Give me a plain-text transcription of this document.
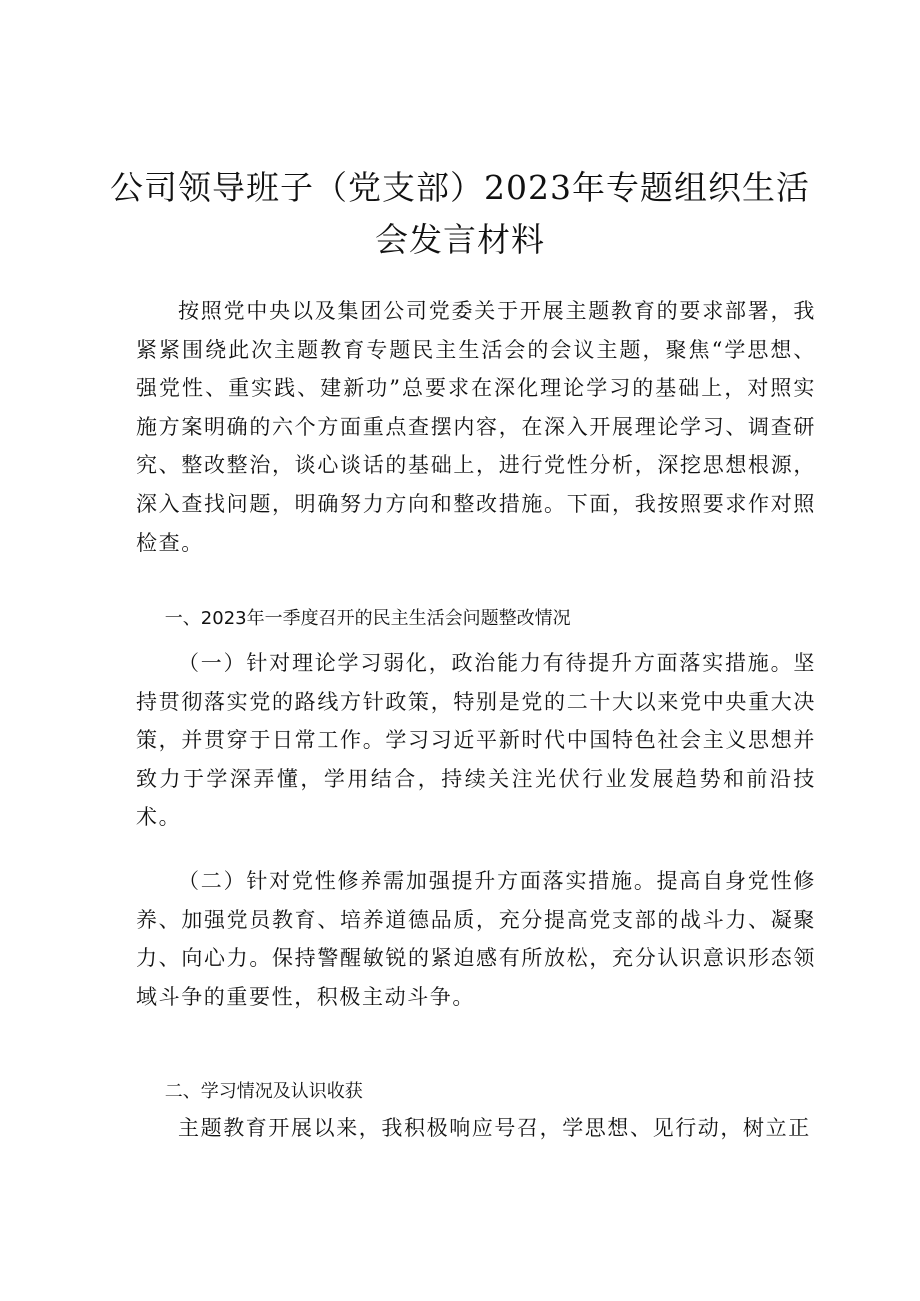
公司领导班子（党支部）2023年专题组织生活
会发言材料

按照党中央以及集团公司党委关于开展主题教育的要求部署，我紧紧围绕此次主题教育专题民主生活会的会议主题，聚焦“学思想、强党性、重实践、建新功”总要求在深化理论学习的基础上，对照实施方案明确的六个方面重点查摆内容，在深入开展理论学习、调查研究、整改整治，谈心谈话的基础上，进行党性分析，深挖思想根源，深入查找问题，明确努力方向和整改措施。下面，我按照要求作对照检查。

一、2023年一季度召开的民主生活会问题整改情况

（一）针对理论学习弱化，政治能力有待提升方面落实措施。坚持贯彻落实党的路线方针政策，特别是党的二十大以来党中央重大决策，并贯穿于日常工作。学习习近平新时代中国特色社会主义思想并致力于学深弄懂，学用结合，持续关注光伏行业发展趋势和前沿技术。

（二）针对党性修养需加强提升方面落实措施。提高自身党性修养、加强党员教育、培养道德品质，充分提高党支部的战斗力、凝聚力、向心力。保持警醒敏锐的紧迫感有所放松，充分认识意识形态领域斗争的重要性，积极主动斗争。

二、学习情况及认识收获

主题教育开展以来，我积极响应号召，学思想、见行动，树立正
